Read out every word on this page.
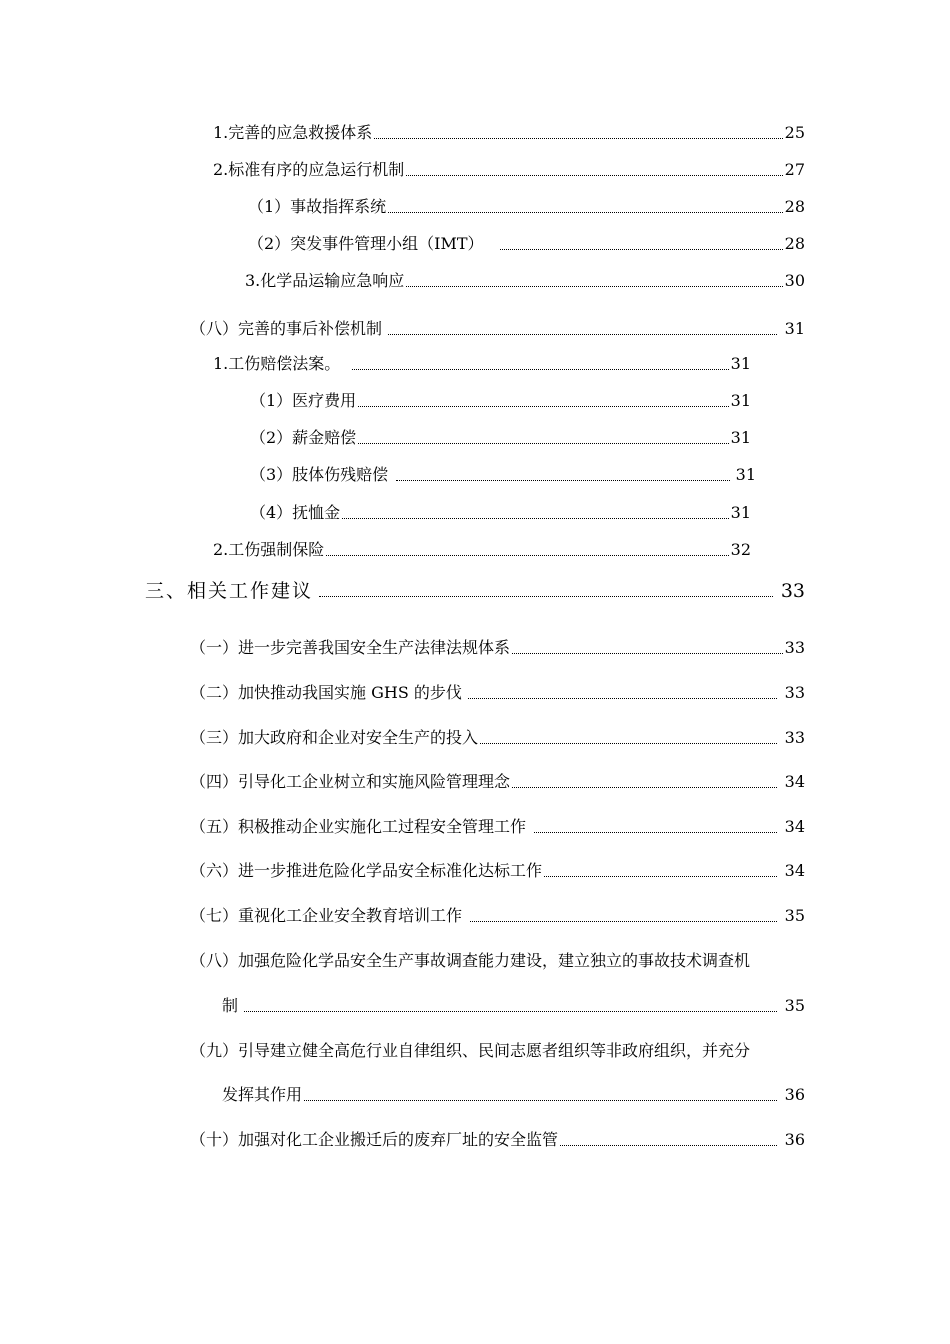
1.完善的应急救援体系	25
2.标准有序的应急运行机制	27
（1）事故指挥系统	28
（2）突发事件管理小组（IMT）	28
3.化学品运输应急响应	30
（八）完善的事后补偿机制	31
1.工伤赔偿法案。	31
（1）医疗费用	31
（2）薪金赔偿	31
（3）肢体伤残赔偿	31
（4）抚恤金	31
2.工伤强制保险	32
三、相关工作建议	33
（一）进一步完善我国安全生产法律法规体系	33
（二）加快推动我国实施 GHS 的步伐	33
（三）加大政府和企业对安全生产的投入	33
（四）引导化工企业树立和实施风险管理理念	34
（五）积极推动企业实施化工过程安全管理工作	34
（六）进一步推进危险化学品安全标准化达标工作	34
（七）重视化工企业安全教育培训工作	35
（八）加强危险化学品安全生产事故调查能力建设，建立独立的事故技术调查机
制	35
（九）引导建立健全高危行业自律组织、民间志愿者组织等非政府组织，并充分
发挥其作用	36
（十）加强对化工企业搬迁后的废弃厂址的安全监管	36
